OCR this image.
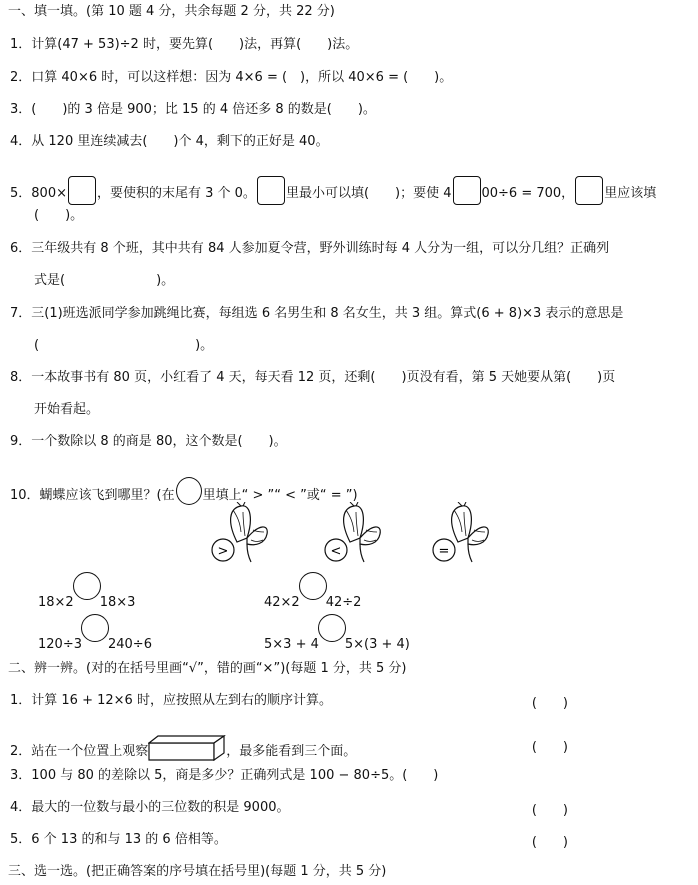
一、填一填。(第 10 题 4 分，共余每题 2 分，共 22 分)
1．计算(47 + 53)÷2 时，要先算(　　)法，再算(　　)法。
2．口算 40×6 时，可以这样想：因为 4×6 = (　)，所以 40×6 = (　　)。
3．(　　)的 3 倍是 900；比 15 的 4 倍还多 8 的数是(　　)。
4．从 120 里连续减去(　　)个 4，剩下的正好是 40。
5．800× ，要使积的末尾有 3 个 0。 里最小可以填(　　)；要使 4 00÷6 = 700， 里应该填
(　　)。
6．三年级共有 8 个班，其中共有 84 人参加夏令营，野外训练时每 4 人分为一组，可以分几组？正确列
式是(　　　　　　　)。
7．三(1)班选派同学参加跳绳比赛，每组选 6 名男生和 8 名女生，共 3 组。算式(6 + 8)×3 表示的意思是
(　　　　　　　　　　　　)。
8．一本故事书有 80 页，小红看了 4 天，每天看 12 页，还剩(　　)页没有看，第 5 天她要从第(　　)页
开始看起。
9．一个数除以 8 的商是 80，这个数是(　　)。
10．蝴蝶应该飞到哪里？(在 里填上“ > ”“ < ”或“ = ”)
>	<	=
18×2 18×3	42×2 42÷2
120÷3 240÷6	5×3 + 4 5×(3 + 4)
二、辨一辨。(对的在括号里画“√”，错的画“×”)(每题 1 分，共 5 分)
1．计算 16 + 12×6 时，应按照从左到右的顺序计算。	(　　)
2．站在一个位置上观察	，最多能看到三个面。	(　　)
3．100 与 80 的差除以 5，商是多少？正确列式是 100 − 80÷5。(　　)
4．最大的一位数与最小的三位数的积是 9000。	(　　)
5．6 个 13 的和与 13 的 6 倍相等。	(　　)
三、选一选。(把正确答案的序号填在括号里)(每题 1 分，共 5 分)
